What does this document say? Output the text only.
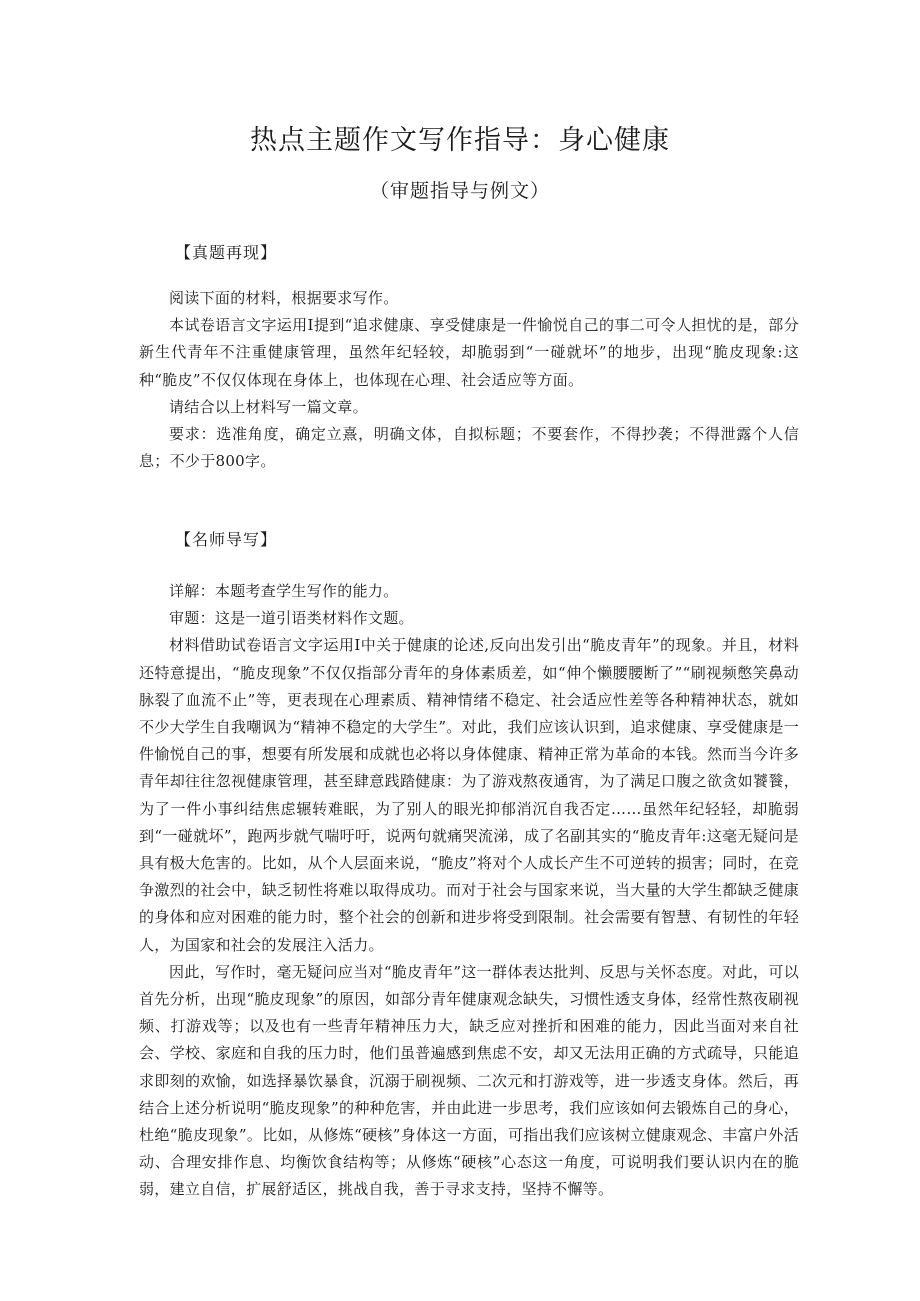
热点主题作文写作指导：身心健康
（审题指导与例文）
【真题再现】

阅读下面的材料，根据要求写作。

本试卷语言文字运用Ⅰ提到“追求健康、享受健康是一件愉悦自己的事二可令人担忧的是，部分新生代青年不注重健康管理，虽然年纪轻较，却脆弱到“一碰就坏”的地步，出现“脆皮现象:这种“脆皮”不仅仅体现在身体上，也体现在心理、社会适应等方面。

请结合以上材料写一篇文章。

要求：选准角度，确定立熹，明确文体，自拟标题；不要套作，不得抄袭；不得泄露个人信息；不少于800字。

【名师导写】

详解：本题考查学生写作的能力。

审题：这是一道引语类材料作文题。

材料借助试卷语言文字运用Ⅰ中关于健康的论述,反向出发引出“脆皮青年”的现象。并且，材料还特意提出，“脆皮现象”不仅仅指部分青年的身体素质差，如“伸个懒腰腰断了”“刷视频憋笑鼻动脉裂了血流不止”等，更表现在心理素质、精神情绪不稳定、社会适应性差等各种精神状态，就如不少大学生自我嘲讽为“精神不稳定的大学生”。对此，我们应该认识到，追求健康、享受健康是一件愉悦自己的事，想要有所发展和成就也必将以身体健康、精神正常为革命的本钱。然而当今许多青年却往往忽视健康管理，甚至肆意践踏健康：为了游戏熬夜通宵，为了满足口腹之欲贪如饕餮，为了一件小事纠结焦虑辗转难眠，为了别人的眼光抑郁消沉自我否定……虽然年纪轻轻，却脆弱到“一碰就坏”，跑两步就气喘吁吁，说两句就痛哭流涕，成了名副其实的“脆皮青年:这毫无疑问是具有极大危害的。比如，从个人层面来说，“脆皮”将对个人成长产生不可逆转的损害；同时，在竞争激烈的社会中，缺乏韧性将难以取得成功。而对于社会与国家来说，当大量的大学生都缺乏健康的身体和应对困难的能力时，整个社会的创新和进步将受到限制。社会需要有智慧、有韧性的年轻人，为国家和社会的发展注入活力。

因此，写作时，毫无疑问应当对“脆皮青年”这一群体表达批判、反思与关怀态度。对此，可以首先分析，出现“脆皮现象”的原因，如部分青年健康观念缺失，习惯性透支身体，经常性熬夜刷视频、打游戏等；以及也有一些青年精神压力大，缺乏应对挫折和困难的能力，因此当面对来自社会、学校、家庭和自我的压力时，他们虽普遍感到焦虑不安，却又无法用正确的方式疏导，只能追求即刻的欢愉，如选择暴饮暴食，沉溺于刷视频、二次元和打游戏等，进一步透支身体。然后，再结合上述分析说明“脆皮现象”的种种危害，并由此进一步思考，我们应该如何去锻炼自己的身心，杜绝“脆皮现象”。比如，从修炼“硬核”身体这一方面，可指出我们应该树立健康观念、丰富户外活动、合理安排作息、均衡饮食结构等；从修炼“硬核”心态这一角度，可说明我们要认识内在的脆弱，建立自信，扩展舒适区，挑战自我，善于寻求支持，坚持不懈等。
